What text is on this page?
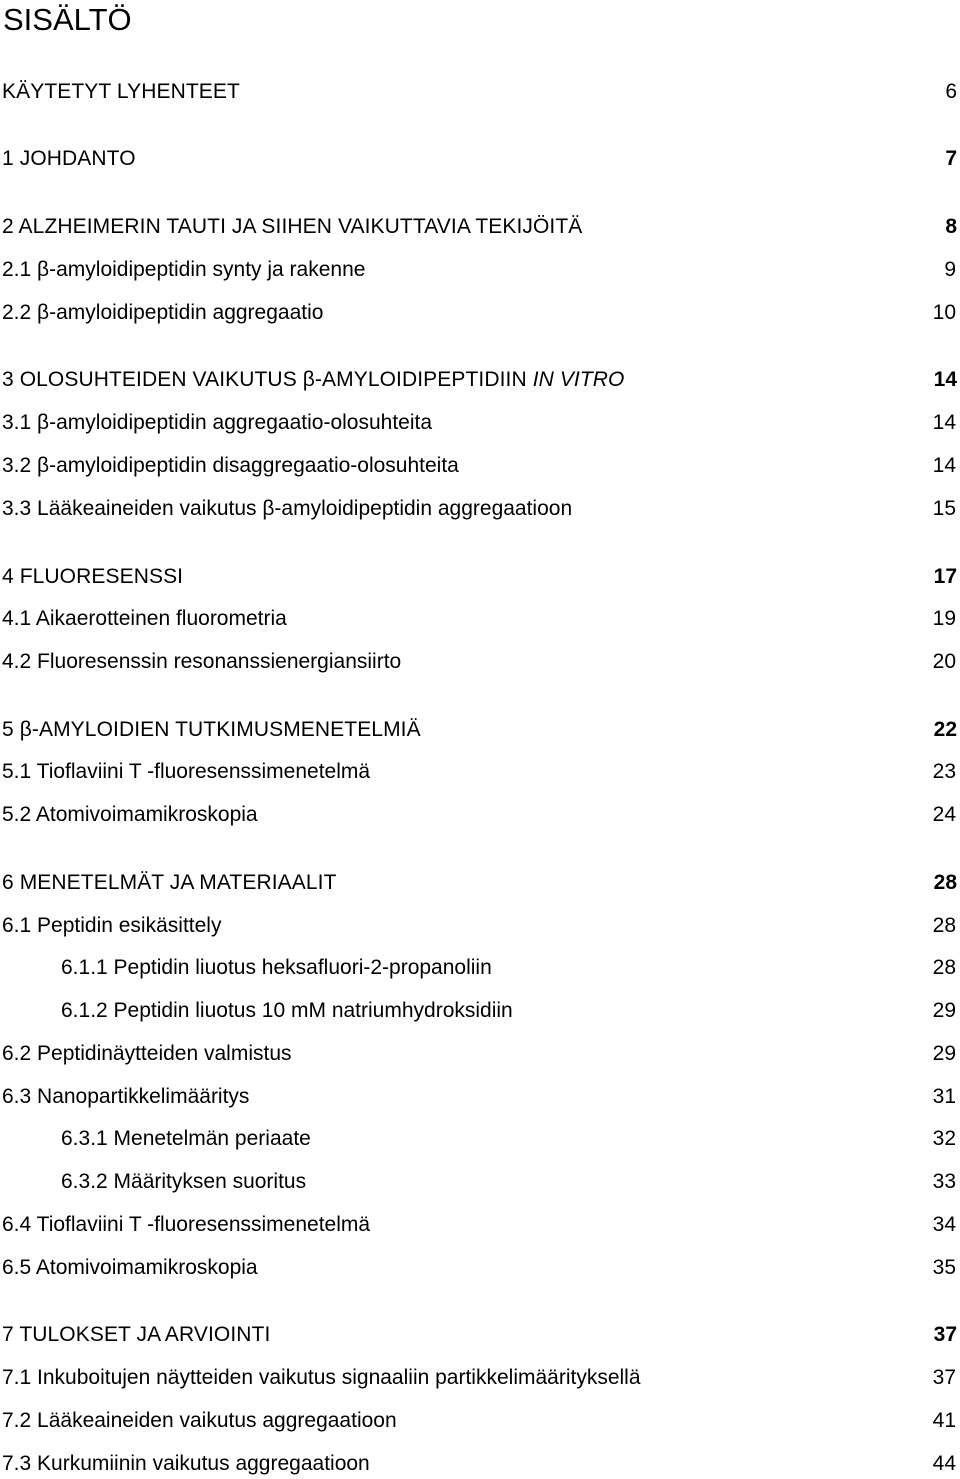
SISÄLTÖ
KÄYTETYT LYHENTEET	6
1 JOHDANTO	7
2 ALZHEIMERIN TAUTI JA SIIHEN VAIKUTTAVIA TEKIJÖITÄ	8
2.1 β-amyloidipeptidin synty ja rakenne	9
2.2 β-amyloidipeptidin aggregaatio	10
3 OLOSUHTEIDEN VAIKUTUS β-AMYLOIDIPEPTIDIIN IN VITRO	14
3.1 β-amyloidipeptidin aggregaatio-olosuhteita	14
3.2 β-amyloidipeptidin disaggregaatio-olosuhteita	14
3.3 Lääkeaineiden vaikutus β-amyloidipeptidin aggregaatioon	15
4 FLUORESENSSI	17
4.1 Aikaerotteinen fluorometria	19
4.2 Fluoresenssin resonanssienergiansiirto	20
5 β-AMYLOIDIEN TUTKIMUSMENETELMIÄ	22
5.1 Tioflaviini T -fluoresenssimenetelmä	23
5.2 Atomivoimamikroskopia	24
6 MENETELMÄT JA MATERIAALIT	28
6.1 Peptidin esikäsittely	28
6.1.1 Peptidin liuotus heksafluori-2-propanoliin	28
6.1.2 Peptidin liuotus 10 mM natriumhydroksidiin	29
6.2 Peptidinäytteiden valmistus	29
6.3 Nanopartikkelimääritys	31
6.3.1 Menetelmän periaate	32
6.3.2 Määrityksen suoritus	33
6.4 Tioflaviini T -fluoresenssimenetelmä	34
6.5 Atomivoimamikroskopia	35
7 TULOKSET JA ARVIOINTI	37
7.1 Inkuboitujen näytteiden vaikutus signaaliin partikkelimäärityksellä	37
7.2 Lääkeaineiden vaikutus aggregaatioon	41
7.3 Kurkumiinin vaikutus aggregaatioon	44
